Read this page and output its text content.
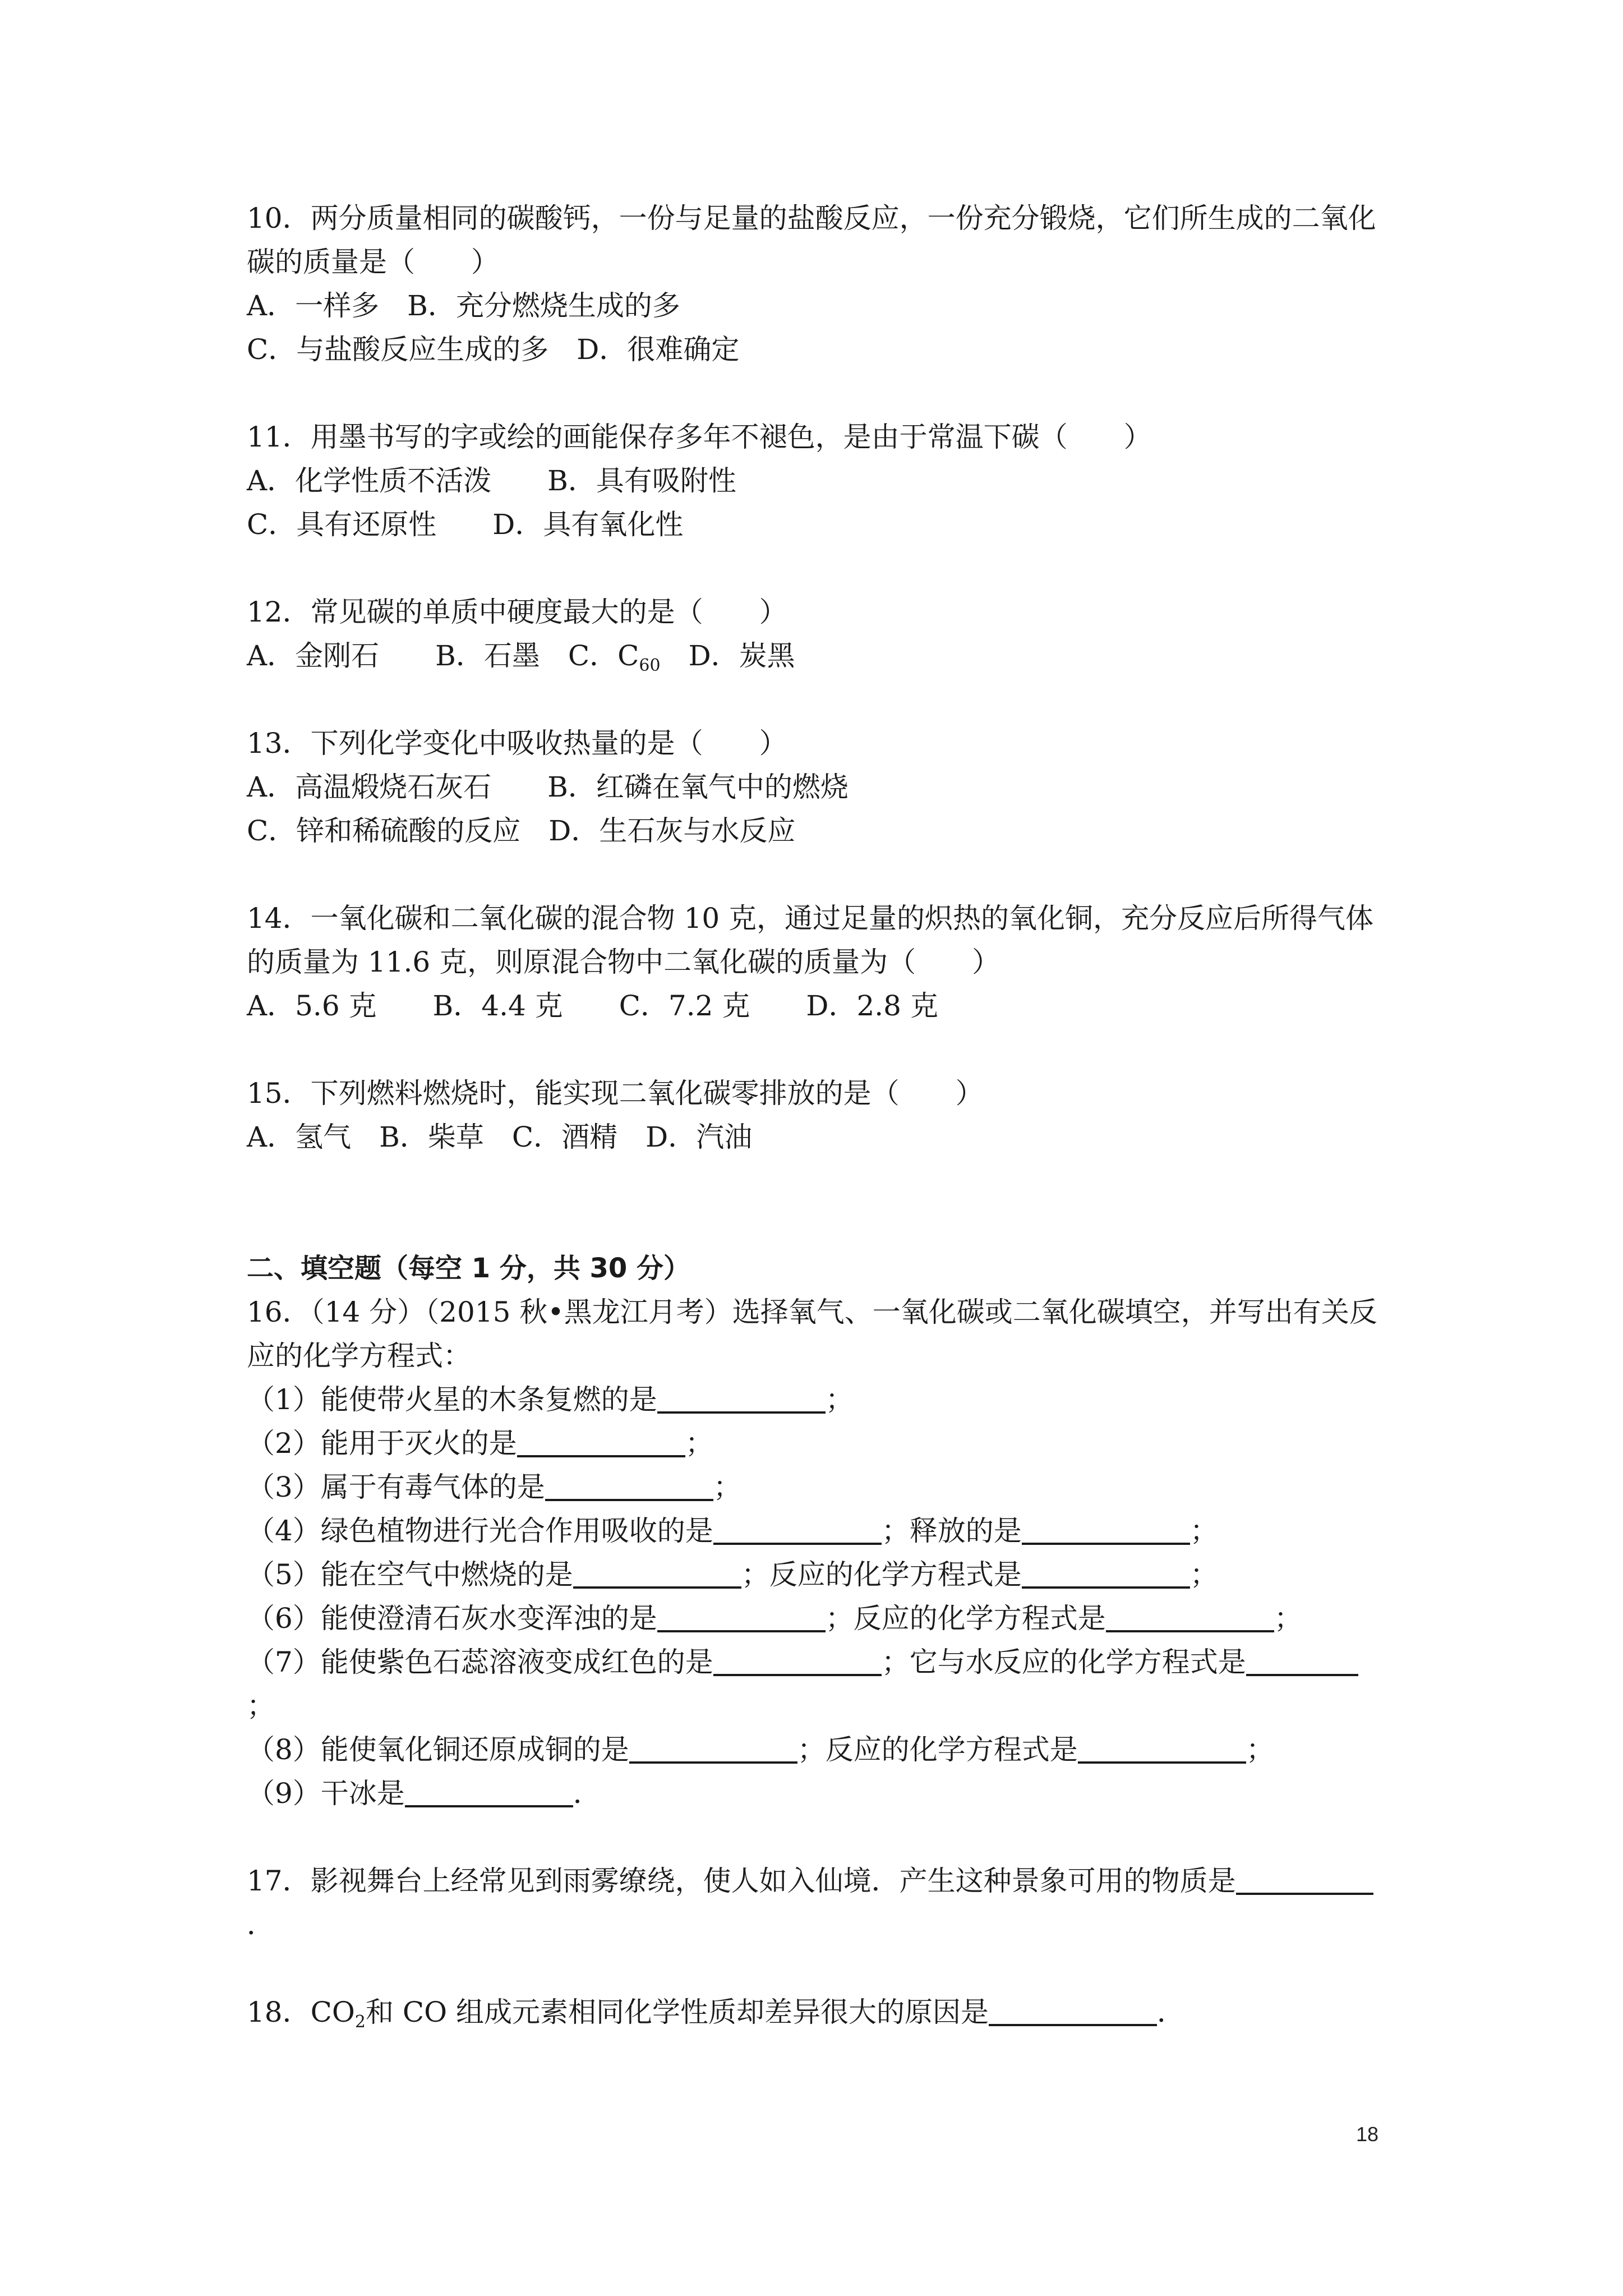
10．两分质量相同的碳酸钙，一份与足量的盐酸反应，一份充分锻烧，它们所生成的二氧化
碳的质量是（　　）
A．一样多 B．充分燃烧生成的多
C．与盐酸反应生成的多 D．很难确定
11．用墨书写的字或绘的画能保存多年不褪色，是由于常温下碳（　　）
A．化学性质不活泼 B．具有吸附性
C．具有还原性 D．具有氧化性
12．常见碳的单质中硬度最大的是（　　）
A．金刚石 B．石墨 C．$C_{60}$ D．炭黑
13．下列化学变化中吸收热量的是（　　）
A．高温煅烧石灰石 B．红磷在氧气中的燃烧
C．锌和稀硫酸的反应 D．生石灰与水反应
14．一氧化碳和二氧化碳的混合物 10 克，通过足量的炽热的氧化铜，充分反应后所得气体
的质量为 11.6 克，则原混合物中二氧化碳的质量为（　　）
A．5.6 克 B．4.4 克 C．7.2 克 D．2.8 克
15．下列燃料燃烧时，能实现二氧化碳零排放的是（　　）
A．氢气 B．柴草 C．酒精 D．汽油
二、填空题（每空 1 分，共 30 分）
16．（14 分）（2015 秋•黑龙江月考）选择氧气、一氧化碳或二氧化碳填空，并写出有关反
应的化学方程式：
（1）能使带火星的木条复燃的是	；
（2）能用于灭火的是	；
（3）属于有毒气体的是	；
（4）绿色植物进行光合作用吸收的是	；释放的是	；
（5）能在空气中燃烧的是	；反应的化学方程式是	；
（6）能使澄清石灰水变浑浊的是	；反应的化学方程式是	；
（7）能使紫色石蕊溶液变成红色的是	；它与水反应的化学方程式是
；
（8）能使氧化铜还原成铜的是	；反应的化学方程式是	；
（9）干冰是	．
17．影视舞台上经常见到雨雾缭绕，使人如入仙境．产生这种景象可用的物质是
．
18．$CO_2$和 CO 组成元素相同化学性质却差异很大的原因是	．
18
